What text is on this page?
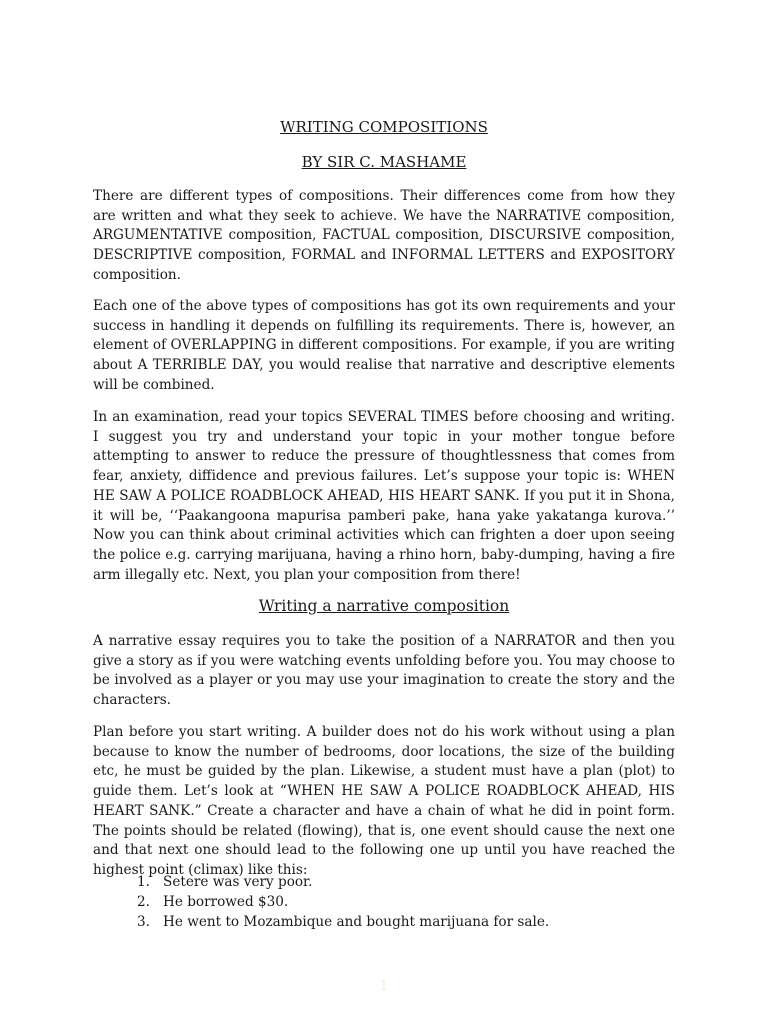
WRITING COMPOSITIONS
BY SIR C. MASHAME

There are different types of compositions. Their differences come from how they are written and what they seek to achieve. We have the NARRATIVE composition, ARGUMENTATIVE composition, FACTUAL composition, DISCURSIVE composition, DESCRIPTIVE composition, FORMAL and INFORMAL LETTERS and EXPOSITORY composition.

Each one of the above types of compositions has got its own requirements and your success in handling it depends on fulfilling its requirements. There is, however, an element of OVERLAPPING in different compositions. For example, if you are writing about A TERRIBLE DAY, you would realise that narrative and descriptive elements will be combined.

In an examination, read your topics SEVERAL TIMES before choosing and writing. I suggest you try and understand your topic in your mother tongue before attempting to answer to reduce the pressure of thoughtlessness that comes from fear, anxiety, diffidence and previous failures. Let’s suppose your topic is: WHEN HE SAW A POLICE ROADBLOCK AHEAD, HIS HEART SANK. If you put it in Shona, it will be, ‘‘Paakangoona mapurisa pamberi pake, hana yake yakatanga kurova.’’ Now you can think about criminal activities which can frighten a doer upon seeing the police e.g. carrying marijuana, having a rhino horn, baby-dumping, having a fire arm illegally etc. Next, you plan your composition from there!

Writing a narrative composition

A narrative essay requires you to take the position of a NARRATOR and then you give a story as if you were watching events unfolding before you. You may choose to be involved as a player or you may use your imagination to create the story and the characters.

Plan before you start writing. A builder does not do his work without using a plan because to know the number of bedrooms, door locations, the size of the building etc, he must be guided by the plan. Likewise, a student must have a plan (plot) to guide them. Let’s look at “WHEN HE SAW A POLICE ROADBLOCK AHEAD, HIS HEART SANK.” Create a character and have a chain of what he did in point form. The points should be related (flowing), that is, one event should cause the next one and that next one should lead to the following one up until you have reached the highest point (climax) like this:

1. Setere was very poor.
2. He borrowed $30.
3. He went to Mozambique and bought marijuana for sale.
1
